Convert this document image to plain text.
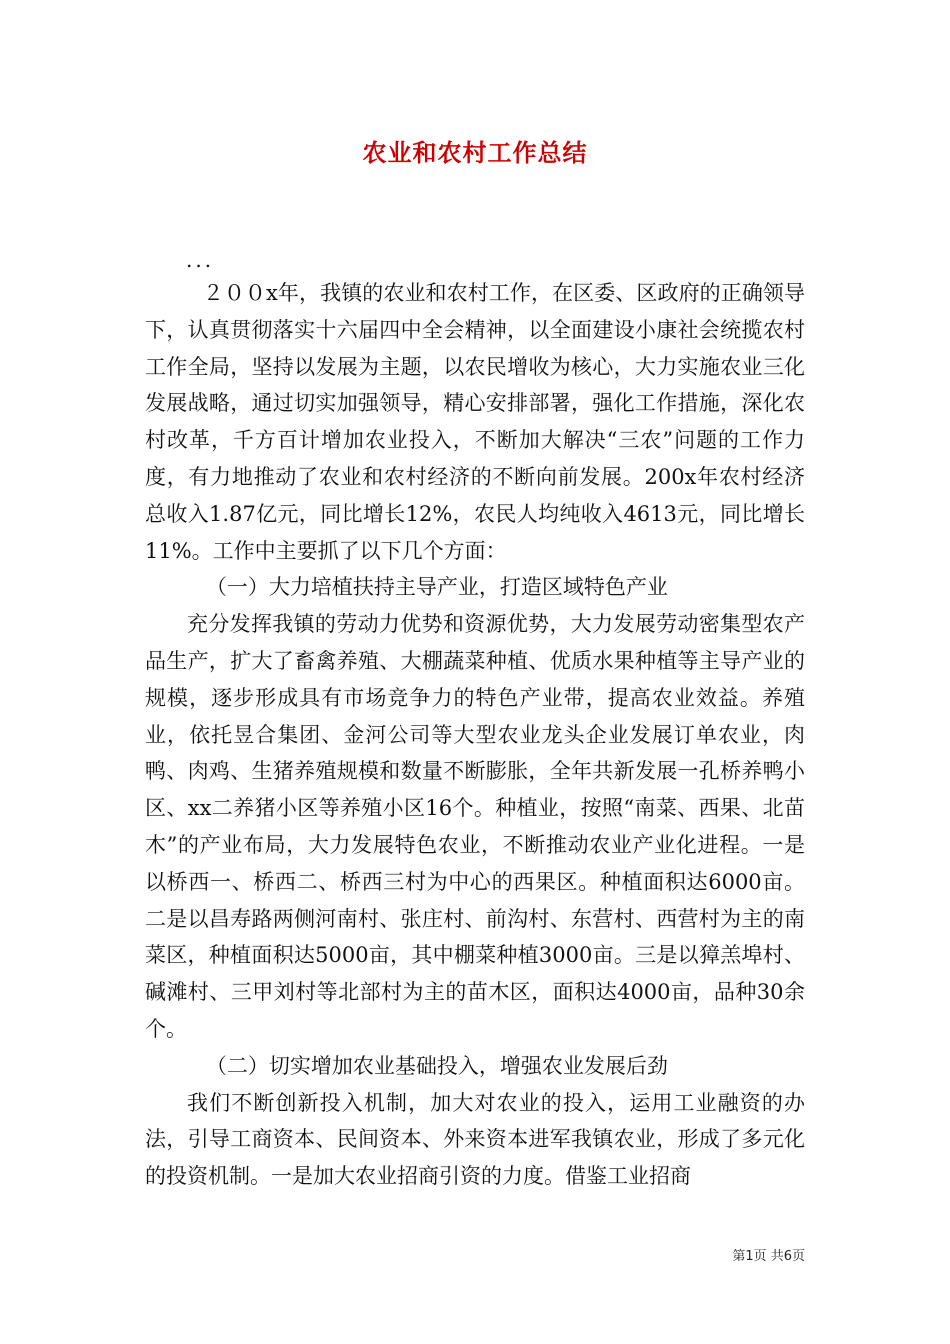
农业和农村工作总结
...

２００x年，我镇的农业和农村工作，在区委、区政府的正确领导下，认真贯彻落实十六届四中全会精神，以全面建设小康社会统揽农村工作全局，坚持以发展为主题，以农民增收为核心，大力实施农业三化发展战略，通过切实加强领导，精心安排部署，强化工作措施，深化农村改革，千方百计增加农业投入，不断加大解决“三农”问题的工作力度，有力地推动了农业和农村经济的不断向前发展。200x年农村经济总收入1.87亿元，同比增长12%，农民人均纯收入4613元，同比增长11%。工作中主要抓了以下几个方面：

（一）大力培植扶持主导产业，打造区域特色产业

充分发挥我镇的劳动力优势和资源优势，大力发展劳动密集型农产品生产，扩大了畜禽养殖、大棚蔬菜种植、优质水果种植等主导产业的规模，逐步形成具有市场竞争力的特色产业带，提高农业效益。养殖业，依托昱合集团、金河公司等大型农业龙头企业发展订单农业，肉鸭、肉鸡、生猪养殖规模和数量不断膨胀，全年共新发展一孔桥养鸭小区、xx二养猪小区等养殖小区16个。种植业，按照“南菜、西果、北苗木”的产业布局，大力发展特色农业，不断推动农业产业化进程。一是以桥西一、桥西二、桥西三村为中心的西果区。种植面积达6000亩。二是以昌寿路两侧河南村、张庄村、前沟村、东营村、西营村为主的南菜区，种植面积达5000亩，其中棚菜种植3000亩。三是以獐羔埠村、碱滩村、三甲刘村等北部村为主的苗木区，面积达4000亩，品种30余个。

（二）切实增加农业基础投入，增强农业发展后劲

我们不断创新投入机制，加大对农业的投入，运用工业融资的办法，引导工商资本、民间资本、外来资本进军我镇农业，形成了多元化的投资机制。一是加大农业招商引资的力度。借鉴工业招商

第1页 共6页
